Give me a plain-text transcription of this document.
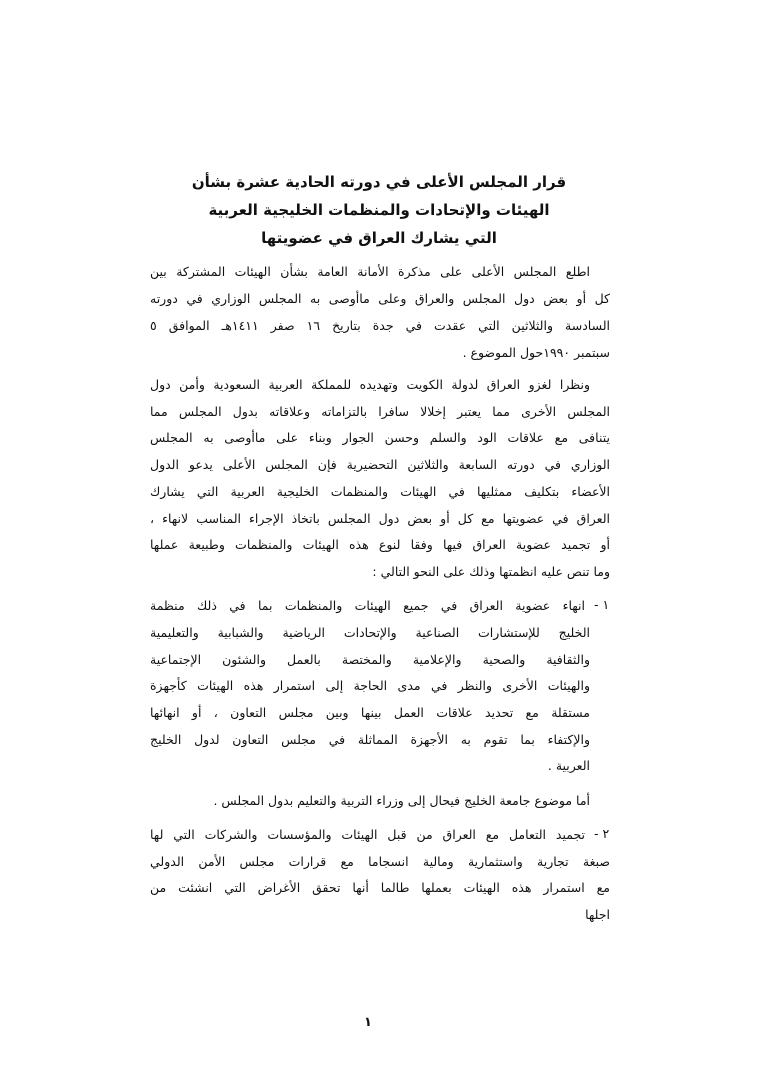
قرار المجلس الأعلى في دورته الحادية عشرة بشأن
الهيئات والإتحادات والمنظمات الخليجية العربية
التي يشارك العراق في عضويتها
اطلع المجلس الأعلى على مذكرة الأمانة العامة بشأن الهيئات المشتركة بين
كل أو بعض دول المجلس والعراق وعلى ماأوصى به المجلس الوزاري في دورته
السادسة والثلاثين التي عقدت في جدة بتاريخ ١٦ صفر ١٤١١هـ الموافق ٥
سبتمبر ١٩٩٠حول الموضوع .
ونظرا لغزو العراق لدولة الكويت وتهديده للمملكة العربية السعودية وأمن دول
المجلس الأخرى مما يعتبر إخلالا سافرا بالتزاماته وعلاقاته بدول المجلس مما
يتنافى مع علاقات الود والسلم وحسن الجوار وبناء على ماأوصى به المجلس
الوزاري في دورته السابعة والثلاثين التحضيرية فإن المجلس الأعلى يدعو الدول
الأعضاء بتكليف ممثليها في الهيئات والمنظمات الخليجية العربية التي يشارك
العراق في عضويتها مع كل أو بعض دول المجلس باتخاذ الإجراء المناسب لانهاء ،
أو تجميد عضوية العراق فيها وفقا لنوع هذه الهيئات والمنظمات وطبيعة عملها
وما تنص عليه انظمتها وذلك على النحو التالي :
انهاء عضوية العراق في جميع الهيئات والمنظمات بما في ذلك منظمة
الخليج للإستشارات الصناعية والإتحادات الرياضية والشبابية والتعليمية
والثقافية والصحية والإعلامية والمختصة بالعمل والشئون الإجتماعية
والهيئات الأخرى والنظر في مدى الحاجة إلى استمرار هذه الهيئات كأجهزة
مستقلة مع تحديد علاقات العمل بينها وبين مجلس التعاون ، أو انهائها
والإكتفاء بما تقوم به الأجهزة المماثلة في مجلس التعاون لدول الخليج
العربية .
أما موضوع جامعة الخليج فيحال إلى وزراء التربية والتعليم بدول المجلس .
تجميد التعامل مع العراق من قبل الهيئات والمؤسسات والشركات التي لها
صبغة تجارية واستثمارية ومالية انسجاما مع قرارات مجلس الأمن الدولي
مع استمرار هذه الهيئات بعملها طالما أنها تحقق الأغراض التي انشئت من
اجلها
١ -
٢ -
١
